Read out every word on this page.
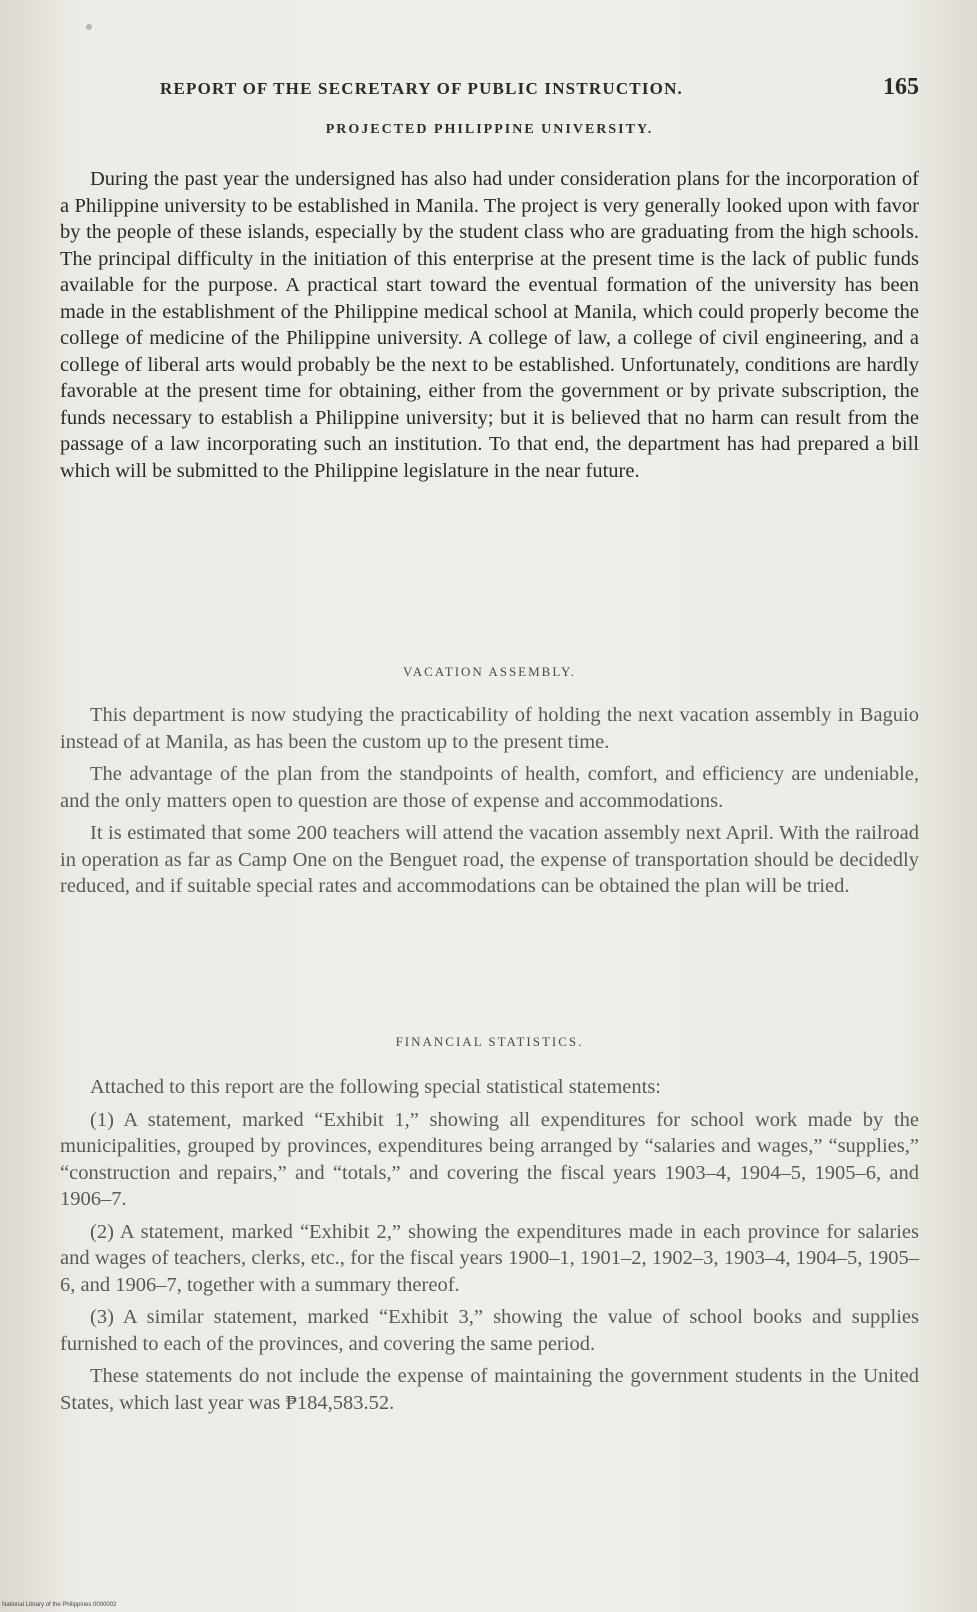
REPORT OF THE SECRETARY OF PUBLIC INSTRUCTION.	165

PROJECTED PHILIPPINE UNIVERSITY.

During the past year the undersigned has also had under consideration plans for the incorporation of a Philippine university to be established in Manila. The project is very generally looked upon with favor by the people of these islands, especially by the student class who are graduating from the high schools. The principal difficulty in the initiation of this enterprise at the present time is the lack of public funds available for the purpose. A practical start toward the eventual formation of the university has been made in the establishment of the Philippine medical school at Manila, which could properly become the college of medicine of the Philippine university. A college of law, a college of civil engineering, and a college of liberal arts would probably be the next to be established. Unfortunately, conditions are hardly favorable at the present time for obtaining, either from the government or by private subscription, the funds necessary to establish a Philippine university; but it is believed that no harm can result from the passage of a law incorporating such an institution. To that end, the department has had prepared a bill which will be submitted to the Philippine legislature in the near future.

VACATION ASSEMBLY.

This department is now studying the practicability of holding the next vacation assembly in Baguio instead of at Manila, as has been the custom up to the present time.

The advantage of the plan from the standpoints of health, comfort, and efficiency are undeniable, and the only matters open to question are those of expense and accommodations.

It is estimated that some 200 teachers will attend the vacation assembly next April. With the railroad in operation as far as Camp One on the Benguet road, the expense of transportation should be decidedly reduced, and if suitable special rates and accommodations can be obtained the plan will be tried.

FINANCIAL STATISTICS.

Attached to this report are the following special statistical statements:

(1) A statement, marked “Exhibit 1,” showing all expenditures for school work made by the municipalities, grouped by provinces, expenditures being arranged by “salaries and wages,” “supplies,” “construction and repairs,” and “totals,” and covering the fiscal years 1903–4, 1904–5, 1905–6, and 1906–7.

(2) A statement, marked “Exhibit 2,” showing the expenditures made in each province for salaries and wages of teachers, clerks, etc., for the fiscal years 1900–1, 1901–2, 1902–3, 1903–4, 1904–5, 1905–6, and 1906–7, together with a summary thereof.

(3) A similar statement, marked “Exhibit 3,” showing the value of school books and supplies furnished to each of the provinces, and covering the same period.

These statements do not include the expense of maintaining the government students in the United States, which last year was ₱184,583.52.

National Library of the Philippines 0000002
